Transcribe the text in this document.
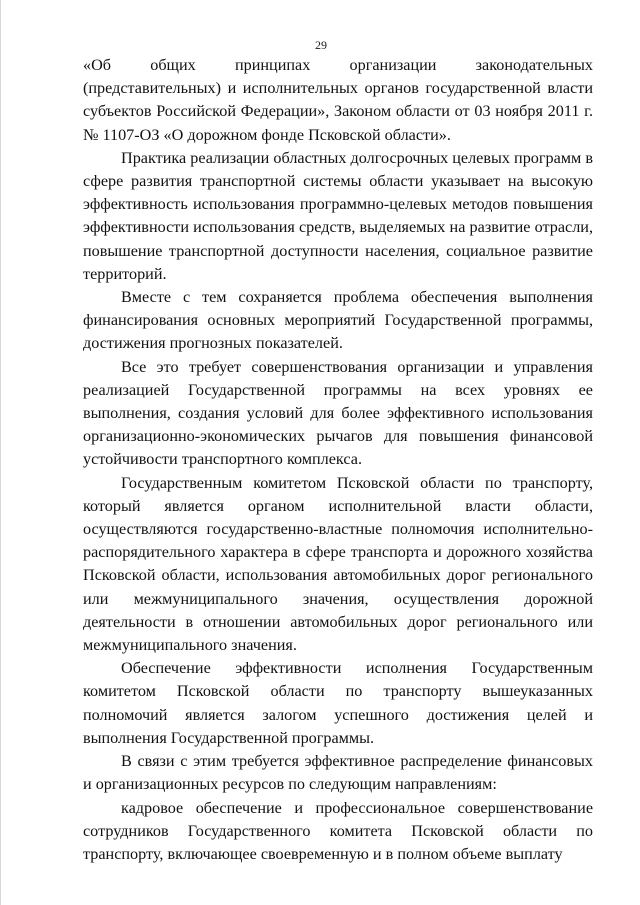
29

«Об общих принципах организации законодательных (представительных) и исполнительных органов государственной власти субъектов Российской Федерации», Законом области от 03 ноября 2011 г. № 1107-ОЗ «О дорожном фонде Псковской области».

Практика реализации областных долгосрочных целевых программ в сфере развития транспортной системы области указывает на высокую эффективность использования программно-целевых методов повышения эффективности использования средств, выделяемых на развитие отрасли, повышение транспортной доступности населения, социальное развитие территорий.

Вместе с тем сохраняется проблема обеспечения выполнения финансирования основных мероприятий Государственной программы, достижения прогнозных показателей.

Все это требует совершенствования организации и управления реализацией Государственной программы на всех уровнях ее выполнения, создания условий для более эффективного использования организационно-экономических рычагов для повышения финансовой устойчивости транспортного комплекса.

Государственным комитетом Псковской области по транспорту, который является органом исполнительной власти области, осуществляются государственно-властные полномочия исполнительно-распорядительного характера в сфере транспорта и дорожного хозяйства Псковской области, использования автомобильных дорог регионального или межмуниципального значения, осуществления дорожной деятельности в отношении автомобильных дорог регионального или межмуниципального значения.

Обеспечение эффективности исполнения Государственным комитетом Псковской области по транспорту вышеуказанных полномочий является залогом успешного достижения целей и выполнения Государственной программы.

В связи с этим требуется эффективное распределение финансовых и организационных ресурсов по следующим направлениям:

кадровое обеспечение и профессиональное совершенствование сотрудников Государственного комитета Псковской области по транспорту, включающее своевременную и в полном объеме выплату
